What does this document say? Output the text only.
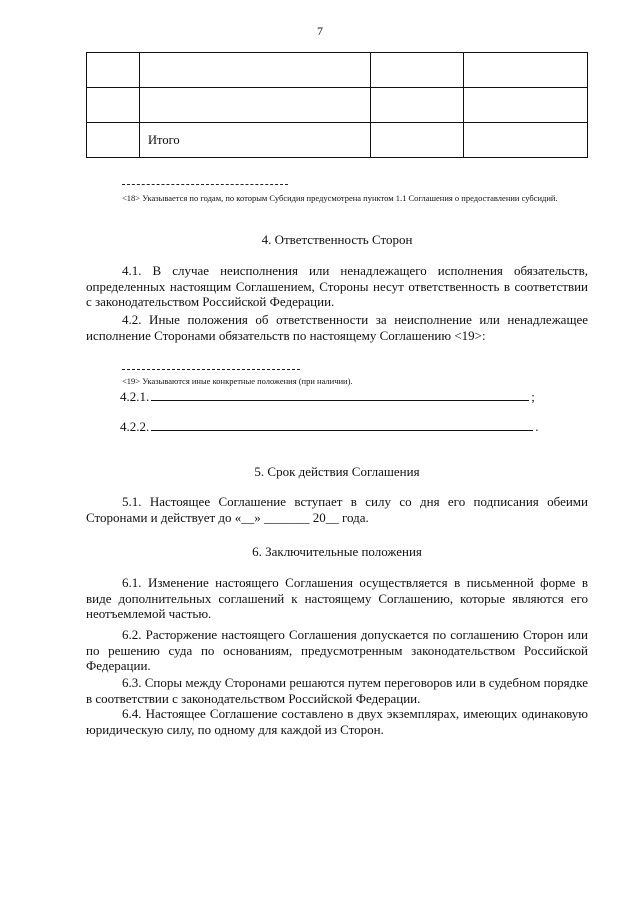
7

	Итого		
<18> Указывается по годам, по которым Субсидия предусмотрена пунктом 1.1 Соглашения о предоставлении субсидий.
4. Ответственность Сторон
4.1. В случае неисполнения или ненадлежащего исполнения обязательств, определенных настоящим Соглашением, Стороны несут ответственность в соответствии с законодательством Российской Федерации.
4.2. Иные положения об ответственности за неисполнение или ненадлежащее исполнение Сторонами обязательств по настоящему Соглашению <19>:
<19> Указываются иные конкретные положения (при наличии).
4.2.1.	;
4.2.2.	.
5. Срок действия Соглашения
5.1. Настоящее Соглашение вступает в силу со дня его подписания обеими Сторонами и действует до «__» _______ 20__ года.
6. Заключительные положения
6.1. Изменение настоящего Соглашения осуществляется в письменной форме в виде дополнительных соглашений к настоящему Соглашению, которые являются его неотъемлемой частью.
6.2. Расторжение настоящего Соглашения допускается по соглашению Сторон или по решению суда по основаниям, предусмотренным законодательством Российской Федерации.
6.3. Споры между Сторонами решаются путем переговоров или в судебном порядке в соответствии с законодательством Российской Федерации.
6.4. Настоящее Соглашение составлено в двух экземплярах, имеющих одинаковую юридическую силу, по одному для каждой из Сторон.
